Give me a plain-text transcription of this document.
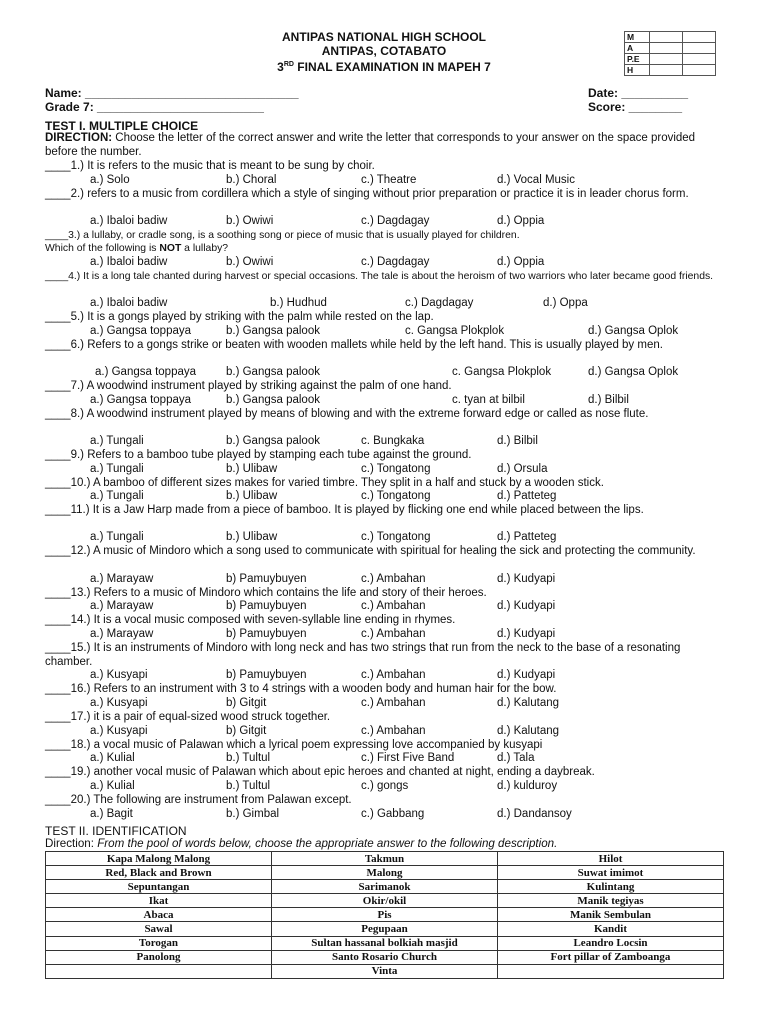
ANTIPAS NATIONAL HIGH SCHOOL
ANTIPAS, COTABATO
3RD FINAL EXAMINATION IN MAPEH 7
M		
A		
P.E		
H		
Name: ________________________________
Grade 7: _________________________
Date: __________
Score: ________
TEST I. MULTIPLE CHOICE
DIRECTION: Choose the letter of the correct answer and write the letter that corresponds to your answer on the space provided before the number.
____1.) It is refers to the music that is meant to be sung by choir.
a.) Solo	b.) Choral	c.) Theatre	d.) Vocal Music
____2.) refers to a music from cordillera which a style of singing without prior preparation or practice it is in leader chorus form.
a.) Ibaloi badiw	b.) Owiwi	c.) Dagdagay	d.) Oppia
____3.) a lullaby, or cradle song, is a soothing song or piece of music that is usually played for children.
Which of the following is NOT a lullaby?
a.) Ibaloi badiw	b.) Owiwi	c.) Dagdagay	d.) Oppia
____4.) It is a long tale chanted during harvest or special occasions. The tale is about the heroism of two warriors who later became good friends.
a.) Ibaloi badiw	b.) Hudhud	c.) Dagdagay	d.) Oppa
____5.) It is a gongs played by striking with the palm while rested on the lap.
a.) Gangsa toppaya	b.) Gangsa palook	c. Gangsa Plokplok	d.) Gangsa Oplok
____6.) Refers to a gongs strike or beaten with wooden mallets while held by the left hand. This is usually played by men.
a.) Gangsa toppaya	b.) Gangsa palook	c. Gangsa Plokplok	d.) Gangsa Oplok
____7.) A woodwind instrument played by striking against the palm of one hand.
a.) Gangsa toppaya	b.) Gangsa palook	c. tyan at bilbil	d.) Bilbil
____8.) A woodwind instrument played by means of blowing and with the extreme forward edge or called as nose flute.
a.) Tungali	b.) Gangsa palook	c. Bungkaka	d.) Bilbil
____9.) Refers to a bamboo tube played by stamping each tube against the ground.
a.) Tungali	b.) Ulibaw	c.) Tongatong	d.) Orsula
____10.) A bamboo of different sizes makes for varied timbre. They split in a half and stuck by a wooden stick.
a.) Tungali	b.) Ulibaw	c.) Tongatong	d.) Patteteg
____11.) It is a Jaw Harp made from a piece of bamboo. It is played by flicking one end while placed between the lips.
a.) Tungali	b.) Ulibaw	c.) Tongatong	d.) Patteteg
____12.) A music of Mindoro which a song used to communicate with spiritual for healing the sick and protecting the community.
a.) Marayaw	b) Pamuybuyen	c.) Ambahan	d.) Kudyapi
____13.) Refers to a music of Mindoro which contains the life and story of their heroes.
a.) Marayaw	b) Pamuybuyen	c.) Ambahan	d.) Kudyapi
____14.) It is a vocal music composed with seven-syllable line ending in rhymes.
a.) Marayaw	b) Pamuybuyen	c.) Ambahan	d.) Kudyapi
____15.) It is an instruments of Mindoro with long neck and has two strings that run from the neck to the base of a resonating chamber.
a.) Kusyapi	b) Pamuybuyen	c.) Ambahan	d.) Kudyapi
____16.) Refers to an instrument with 3 to 4 strings with a wooden body and human hair for the bow.
a.) Kusyapi	b) Gitgit	c.) Ambahan	d.) Kalutang
____17.) it is a pair of equal-sized wood struck together.
a.) Kusyapi	b) Gitgit	c.) Ambahan	d.) Kalutang
____18.) a vocal music of Palawan which a lyrical poem expressing love accompanied by kusyapi
a.) Kulial	b.) Tultul	c.) First Five Band	d.) Tala
____19.) another vocal music of Palawan which about epic heroes and chanted at night, ending a daybreak.
a.) Kulial	b.) Tultul	c.) gongs	d.) kulduroy
____20.) The following are instrument from Palawan except.
a.) Bagit	b.) Gimbal	c.) Gabbang	d.) Dandansoy
TEST II. IDENTIFICATION
Direction: From the pool of words below, choose the appropriate answer to the following description.
Kapa Malong Malong	Takmun	Hilot
Red, Black and Brown	Malong	Suwat imimot
Sepuntangan	Sarimanok	Kulintang
Ikat	Okir/okil	Manik tegiyas
Abaca	Pis	Manik Sembulan
Sawal	Pegupaan	Kandit
Torogan	Sultan hassanal bolkiah masjid	Leandro Locsin
Panolong	Santo Rosario Church	Fort pillar of Zamboanga
	Vinta	
